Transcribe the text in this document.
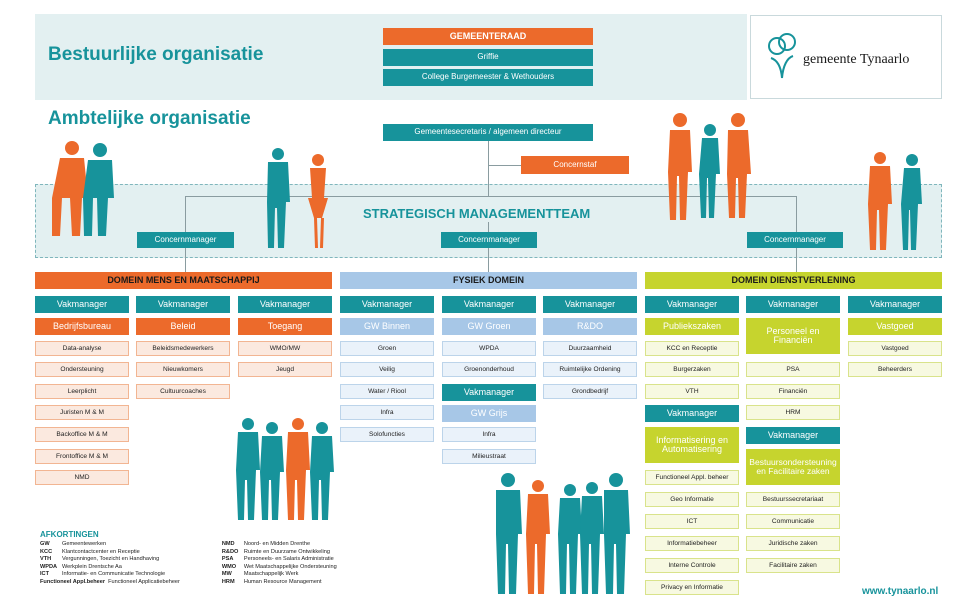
Bestuurlijke organisatie
GEMEENTERAAD
Griffie
College Burgemeester & Wethouders
gemeente Tynaarlo
Ambtelijke organisatie
Gemeentesecretaris / algemeen directeur
Concernstaf
STRATEGISCH MANAGEMENTTEAM
Concernmanager	Concernmanager	Concernmanager
DOMEIN MENS EN MAATSCHAPPIJ	FYSIEK DOMEIN	DOMEIN DIENSTVERLENING
Vakmanager
Bedrijfsbureau
Data-analyse
Ondersteuning
Leerplicht
Juristen M & M
Backoffice M & M
Frontoffice M & M
NMD
Vakmanager
Beleid
Beleidsmedewerkers
Nieuwkomers
Cultuurcoaches
Vakmanager
Toegang
WMO/MW
Jeugd
Vakmanager
GW Binnen
Groen
Veilig
Water / Riool
Infra
Solofuncties
Vakmanager
GW Groen
WPDA
Groenonderhoud
Vakmanager
GW Grijs
Infra
Milieustraat
Vakmanager
R&DO
Duurzaamheid
Ruimtelijke Ordening
Grondbedrijf
Vakmanager
Publiekszaken
KCC en Receptie
Burgerzaken
VTH
Vakmanager
Informatisering en Automatisering
Functioneel Appl. beheer
Geo Informatie
ICT
Informatiebeheer
Interne Controle
Privacy en Informatie
Vakmanager
Personeel en Financiën
PSA
Financiën
HRM
Vakmanager
Bestuursondersteuning en Facilitaire zaken
Bestuurssecretariaat
Communicatie
Juridische zaken
Facilitaire zaken
Vakmanager
Vastgoed
Vastgoed
Beheerders
AFKORTINGEN
GW	Gemeentewerken
KCC	Klantcontactcenter en Receptie
VTH	Vergunningen, Toezicht en Handhaving
WPDA Werkplein Drentsche Aa
ICT	Informatie- en Communicatie Technologie
Functioneel Appl.beheer Functioneel Applicatiebeheer
NMD	Noord- en Midden Drenthe
R&DO Ruimte en Duurzame Ontwikkeling
PSA	Personeels- en Salaris Administratie
WMO	Wet Maatschappelijke Ondersteuning
MW	Maatschappelijk Werk
HRM	Human Resource Management
www.tynaarlo.nl
